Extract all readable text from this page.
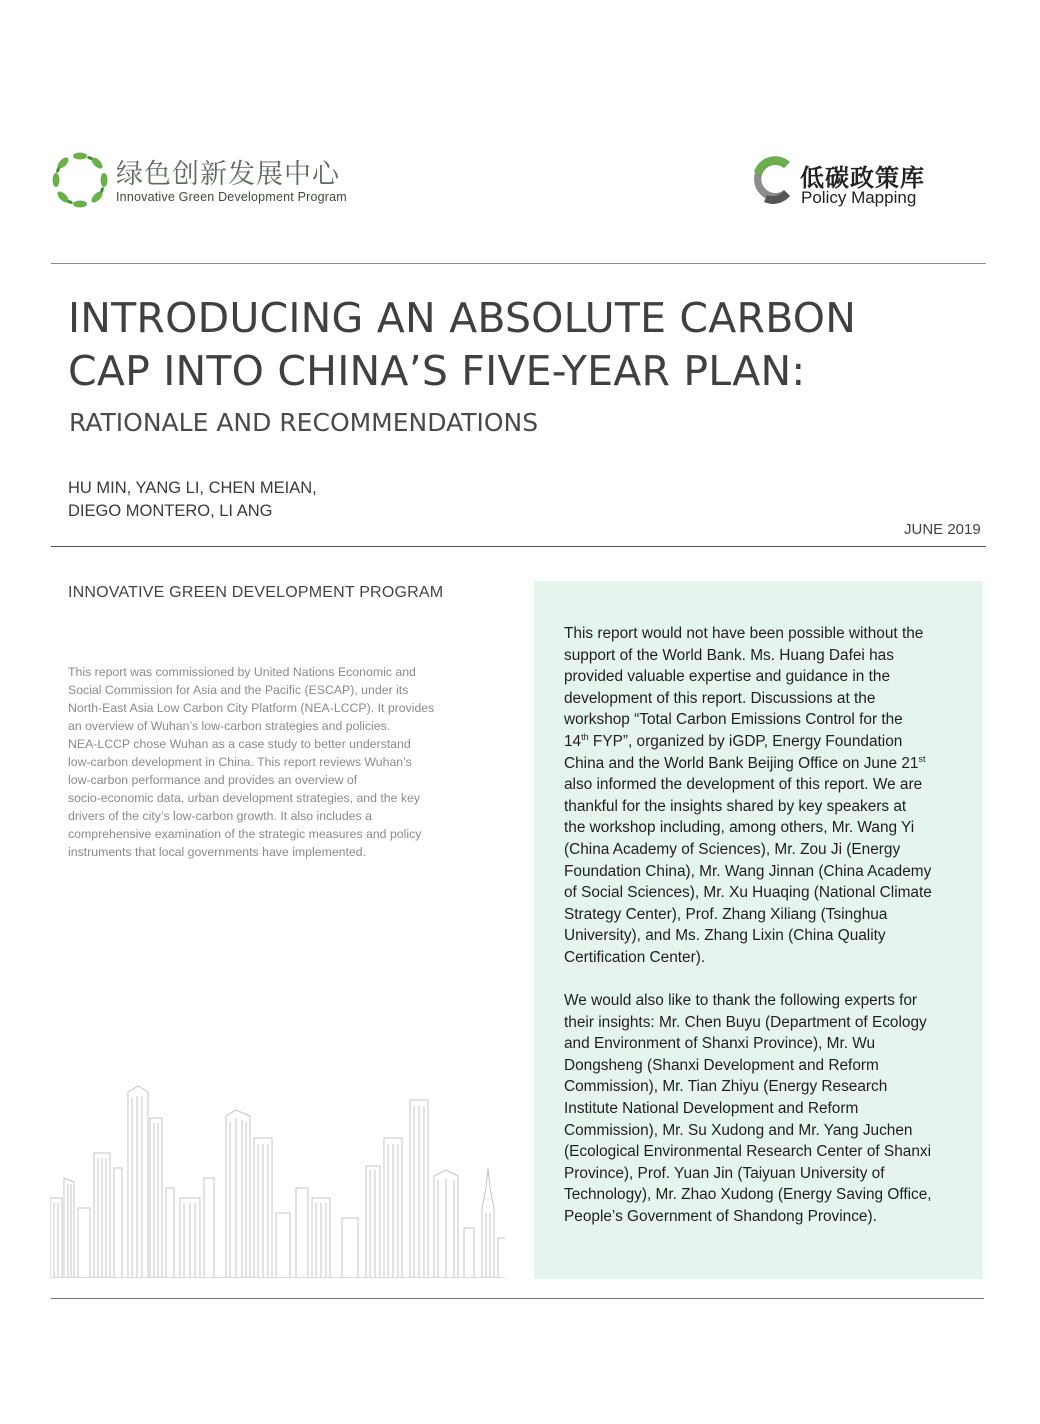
绿色创新发展中心
Innovative Green Development Program
低碳政策库
Policy Mapping
INTRODUCING AN ABSOLUTE CARBON
CAP INTO CHINA’S FIVE-YEAR PLAN:
RATIONALE AND RECOMMENDATIONS
HU MIN, YANG LI, CHEN MEIAN,
DIEGO MONTERO, LI ANG
JUNE 2019
INNOVATIVE GREEN DEVELOPMENT PROGRAM

This report was commissioned by United Nations Economic and
Social Commission for Asia and the Pacific (ESCAP), under its
North-East Asia Low Carbon City Platform (NEA-LCCP). It provides
an overview of Wuhan’s low-carbon strategies and policies.
NEA-LCCP chose Wuhan as a case study to better understand
low-carbon development in China. This report reviews Wuhan’s
low-carbon performance and provides an overview of
socio-economic data, urban development strategies, and the key
drivers of the city’s low-carbon growth. It also includes a
comprehensive examination of the strategic measures and policy
instruments that local governments have implemented.

This report would not have been possible without the
support of the World Bank. Ms. Huang Dafei has
provided valuable expertise and guidance in the
development of this report. Discussions at the
workshop “Total Carbon Emissions Control for the
14th FYP”, organized by iGDP, Energy Foundation
China and the World Bank Beijing Office on June 21st
also informed the development of this report. We are
thankful for the insights shared by key speakers at
the workshop including, among others, Mr. Wang Yi
(China Academy of Sciences), Mr. Zou Ji (Energy
Foundation China), Mr. Wang Jinnan (China Academy
of Social Sciences), Mr. Xu Huaqing (National Climate
Strategy Center), Prof. Zhang Xiliang (Tsinghua
University), and Ms. Zhang Lixin (China Quality
Certification Center).

We would also like to thank the following experts for
their insights: Mr. Chen Buyu (Department of Ecology
and Environment of Shanxi Province), Mr. Wu
Dongsheng (Shanxi Development and Reform
Commission), Mr. Tian Zhiyu (Energy Research
Institute National Development and Reform
Commission), Mr. Su Xudong and Mr. Yang Juchen
(Ecological Environmental Research Center of Shanxi
Province), Prof. Yuan Jin (Taiyuan University of
Technology), Mr. Zhao Xudong (Energy Saving Office,
People’s Government of Shandong Province).
